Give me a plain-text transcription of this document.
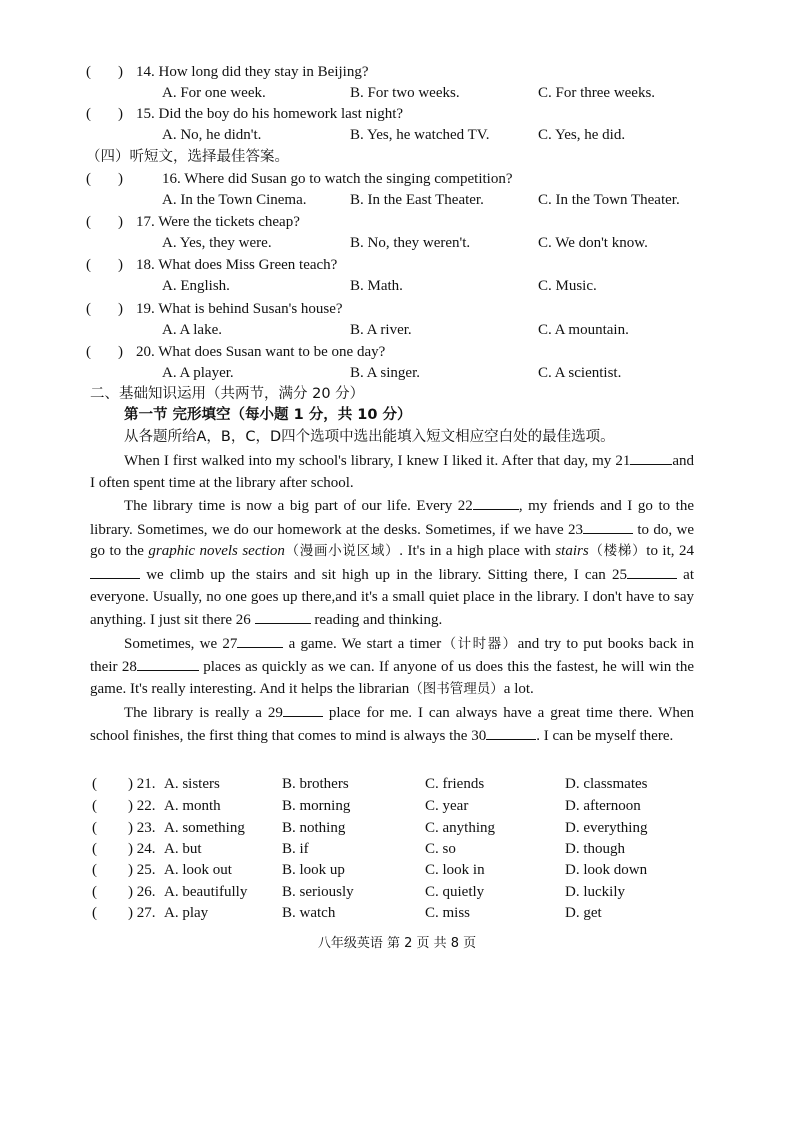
( ) 14. How long did they stay in Beijing?
A. For one week.	B. For two weeks.	C. For three weeks.
( ) 15. Did the boy do his homework last night?
A. No, he didn't.	B. Yes, he watched TV.	C. Yes, he did.
（四）听短文，选择最佳答案。
( )	16. Where did Susan go to watch the singing competition?
A. In the Town Cinema.	B. In the East Theater.	C. In the Town Theater.
( ) 17. Were the tickets cheap?
A. Yes, they were.	B. No, they weren't.	C. We don't know.
( ) 18. What does Miss Green teach?
A. English.	B. Math.	C. Music.
( ) 19. What is behind Susan's house?
A. A lake.	B. A river.	C. A mountain.
( ) 20. What does Susan want to be one day?
A. A player.	B. A singer.	C. A scientist.
二、基础知识运用（共两节，满分 20 分）
第一节 完形填空（每小题 1 分，共 10 分）
从各题所给A，B，C，D四个选项中选出能填入短文相应空白处的最佳选项。

When I first walked into my school's library, I knew I liked it. After that day, my 21	and I often spent time at the library after school.

The library time is now a big part of our life. Every 22	, my friends and I go to the library. Sometimes, we do our homework at the desks. Sometimes, if we have 23	to do, we go to the graphic novels section（漫画小说区域）. It's in a high place with stairs（楼梯）to it, 24  we climb up the stairs and sit high up in the library. Sitting there, I can 25	at everyone. Usually, no one goes up there,and it's a small quiet place in the library. I don't have to say anything. I just sit there 26	reading and thinking.

Sometimes, we 27	a game. We start a timer（计时器）and try to put books back in their 28	places as quickly as we can. If anyone of us does this the fastest, he will win the game. It's really interesting. And it helps the librarian（图书管理员）a lot.

The library is really a 29	place for me. I can always have a great time there. When school finishes, the first thing that comes to mind is always the 30	. I can be myself there.

( ) 21. A. sisters	B. brothers	C. friends	D. classmates
( ) 22. A. month	B. morning	C. year	D. afternoon
( ) 23. A. something B. nothing	C. anything	D. everything
( ) 24. A. but	B. if	C. so	D. though
( ) 25. A. look out	B. look up	C. look in	D. look down
( ) 26. A. beautifully B. seriously	C. quietly	D. luckily
( ) 27. A. play	B. watch	C. miss	D. get
八年级英语 第 2 页 共 8 页
